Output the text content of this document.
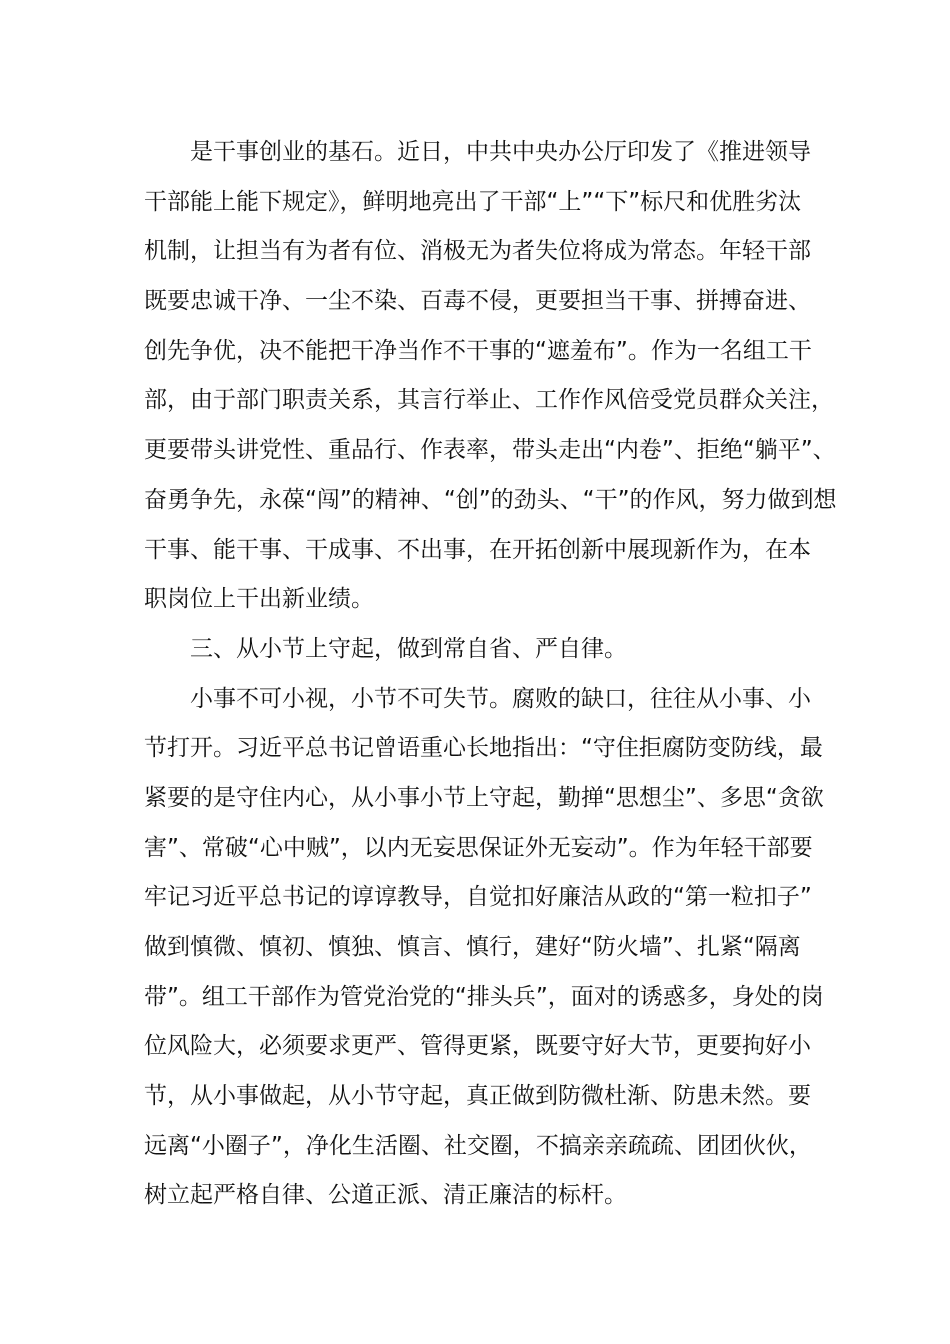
是干事创业的基石。近日，中共中央办公厅印发了《推进领导
干部能上能下规定》，鲜明地亮出了干部“上”“下”标尺和优胜劣汰
机制，让担当有为者有位、消极无为者失位将成为常态。年轻干部
既要忠诚干净、一尘不染、百毒不侵，更要担当干事、拼搏奋进、
创先争优，决不能把干净当作不干事的“遮羞布”。作为一名组工干
部，由于部门职责关系，其言行举止、工作作风倍受党员群众关注，
更要带头讲党性、重品行、作表率，带头走出“内卷”、拒绝“躺平”、
奋勇争先，永葆“闯”的精神、“创”的劲头、“干”的作风，努力做到想
干事、能干事、干成事、不出事，在开拓创新中展现新作为，在本
职岗位上干出新业绩。
三、从小节上守起，做到常自省、严自律。
小事不可小视，小节不可失节。腐败的缺口，往往从小事、小
节打开。习近平总书记曾语重心长地指出：“守住拒腐防变防线，最
紧要的是守住内心，从小事小节上守起，勤掸“思想尘”、多思“贪欲
害”、常破“心中贼”，以内无妄思保证外无妄动”。作为年轻干部要
牢记习近平总书记的谆谆教导，自觉扣好廉洁从政的“第一粒扣子”
做到慎微、慎初、慎独、慎言、慎行，建好“防火墙”、扎紧“隔离
带”。组工干部作为管党治党的“排头兵”，面对的诱惑多，身处的岗
位风险大，必须要求更严、管得更紧，既要守好大节，更要拘好小
节，从小事做起，从小节守起，真正做到防微杜渐、防患未然。要
远离“小圈子”，净化生活圈、社交圈，不搞亲亲疏疏、团团伙伙，
树立起严格自律、公道正派、清正廉洁的标杆。
